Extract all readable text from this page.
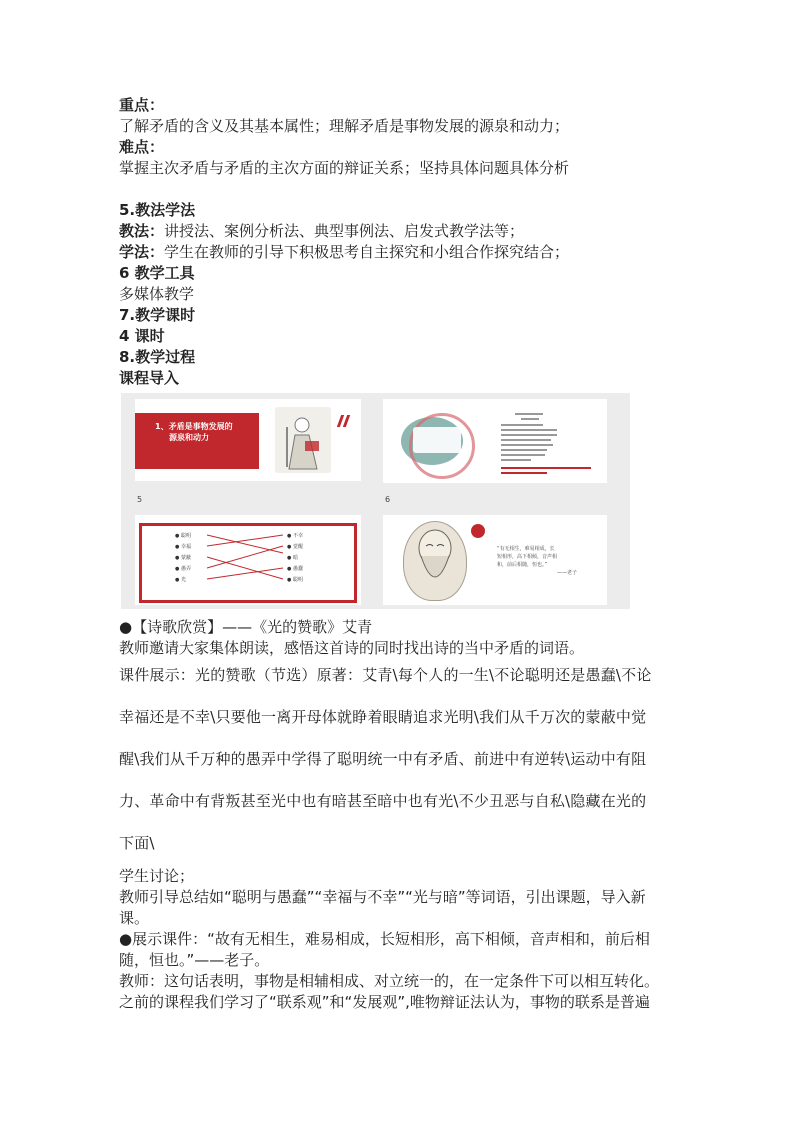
重点：
了解矛盾的含义及其基本属性；理解矛盾是事物发展的源泉和动力；
难点：
掌握主次矛盾与矛盾的主次方面的辩证关系；坚持具体问题具体分析
5.教法学法
教法：讲授法、案例分析法、典型事例法、启发式教学法等；
学法：学生在教师的引导下积极思考自主探究和小组合作探究结合；
6 教学工具
多媒体教学
7.教学课时
4 课时
8.教学过程
课程导入
1、矛盾是事物发展的
源泉和动力
5	6
● 聪明
● 幸福
● 蒙蔽
● 愚弄
● 光
● 不幸
● 觉醒
● 暗
● 愚蠢
● 聪明
“有无相生，难易相成，长
短相形，高下相倾，音声相
和，前后相随，恒也。”
——老子
●【诗歌欣赏】——《光的赞歌》艾青
教师邀请大家集体朗读，感悟这首诗的同时找出诗的当中矛盾的词语。
课件展示：光的赞歌（节选）原著：艾青\每个人的一生\不论聪明还是愚蠢\不论
幸福还是不幸\只要他一离开母体就睁着眼睛追求光明\我们从千万次的蒙蔽中觉
醒\我们从千万种的愚弄中学得了聪明统一中有矛盾、前进中有逆转\运动中有阻
力、革命中有背叛甚至光中也有暗甚至暗中也有光\不少丑恶与自私\隐藏在光的
下面\
学生讨论；
教师引导总结如“聪明与愚蠢”“幸福与不幸”“光与暗”等词语，引出课题，导入新
课。
●展示课件：“故有无相生，难易相成，长短相形，高下相倾，音声相和，前后相
随，恒也。”——老子。
教师：这句话表明，事物是相辅相成、对立统一的，在一定条件下可以相互转化。
之前的课程我们学习了“联系观”和“发展观”,唯物辩证法认为，事物的联系是普遍
